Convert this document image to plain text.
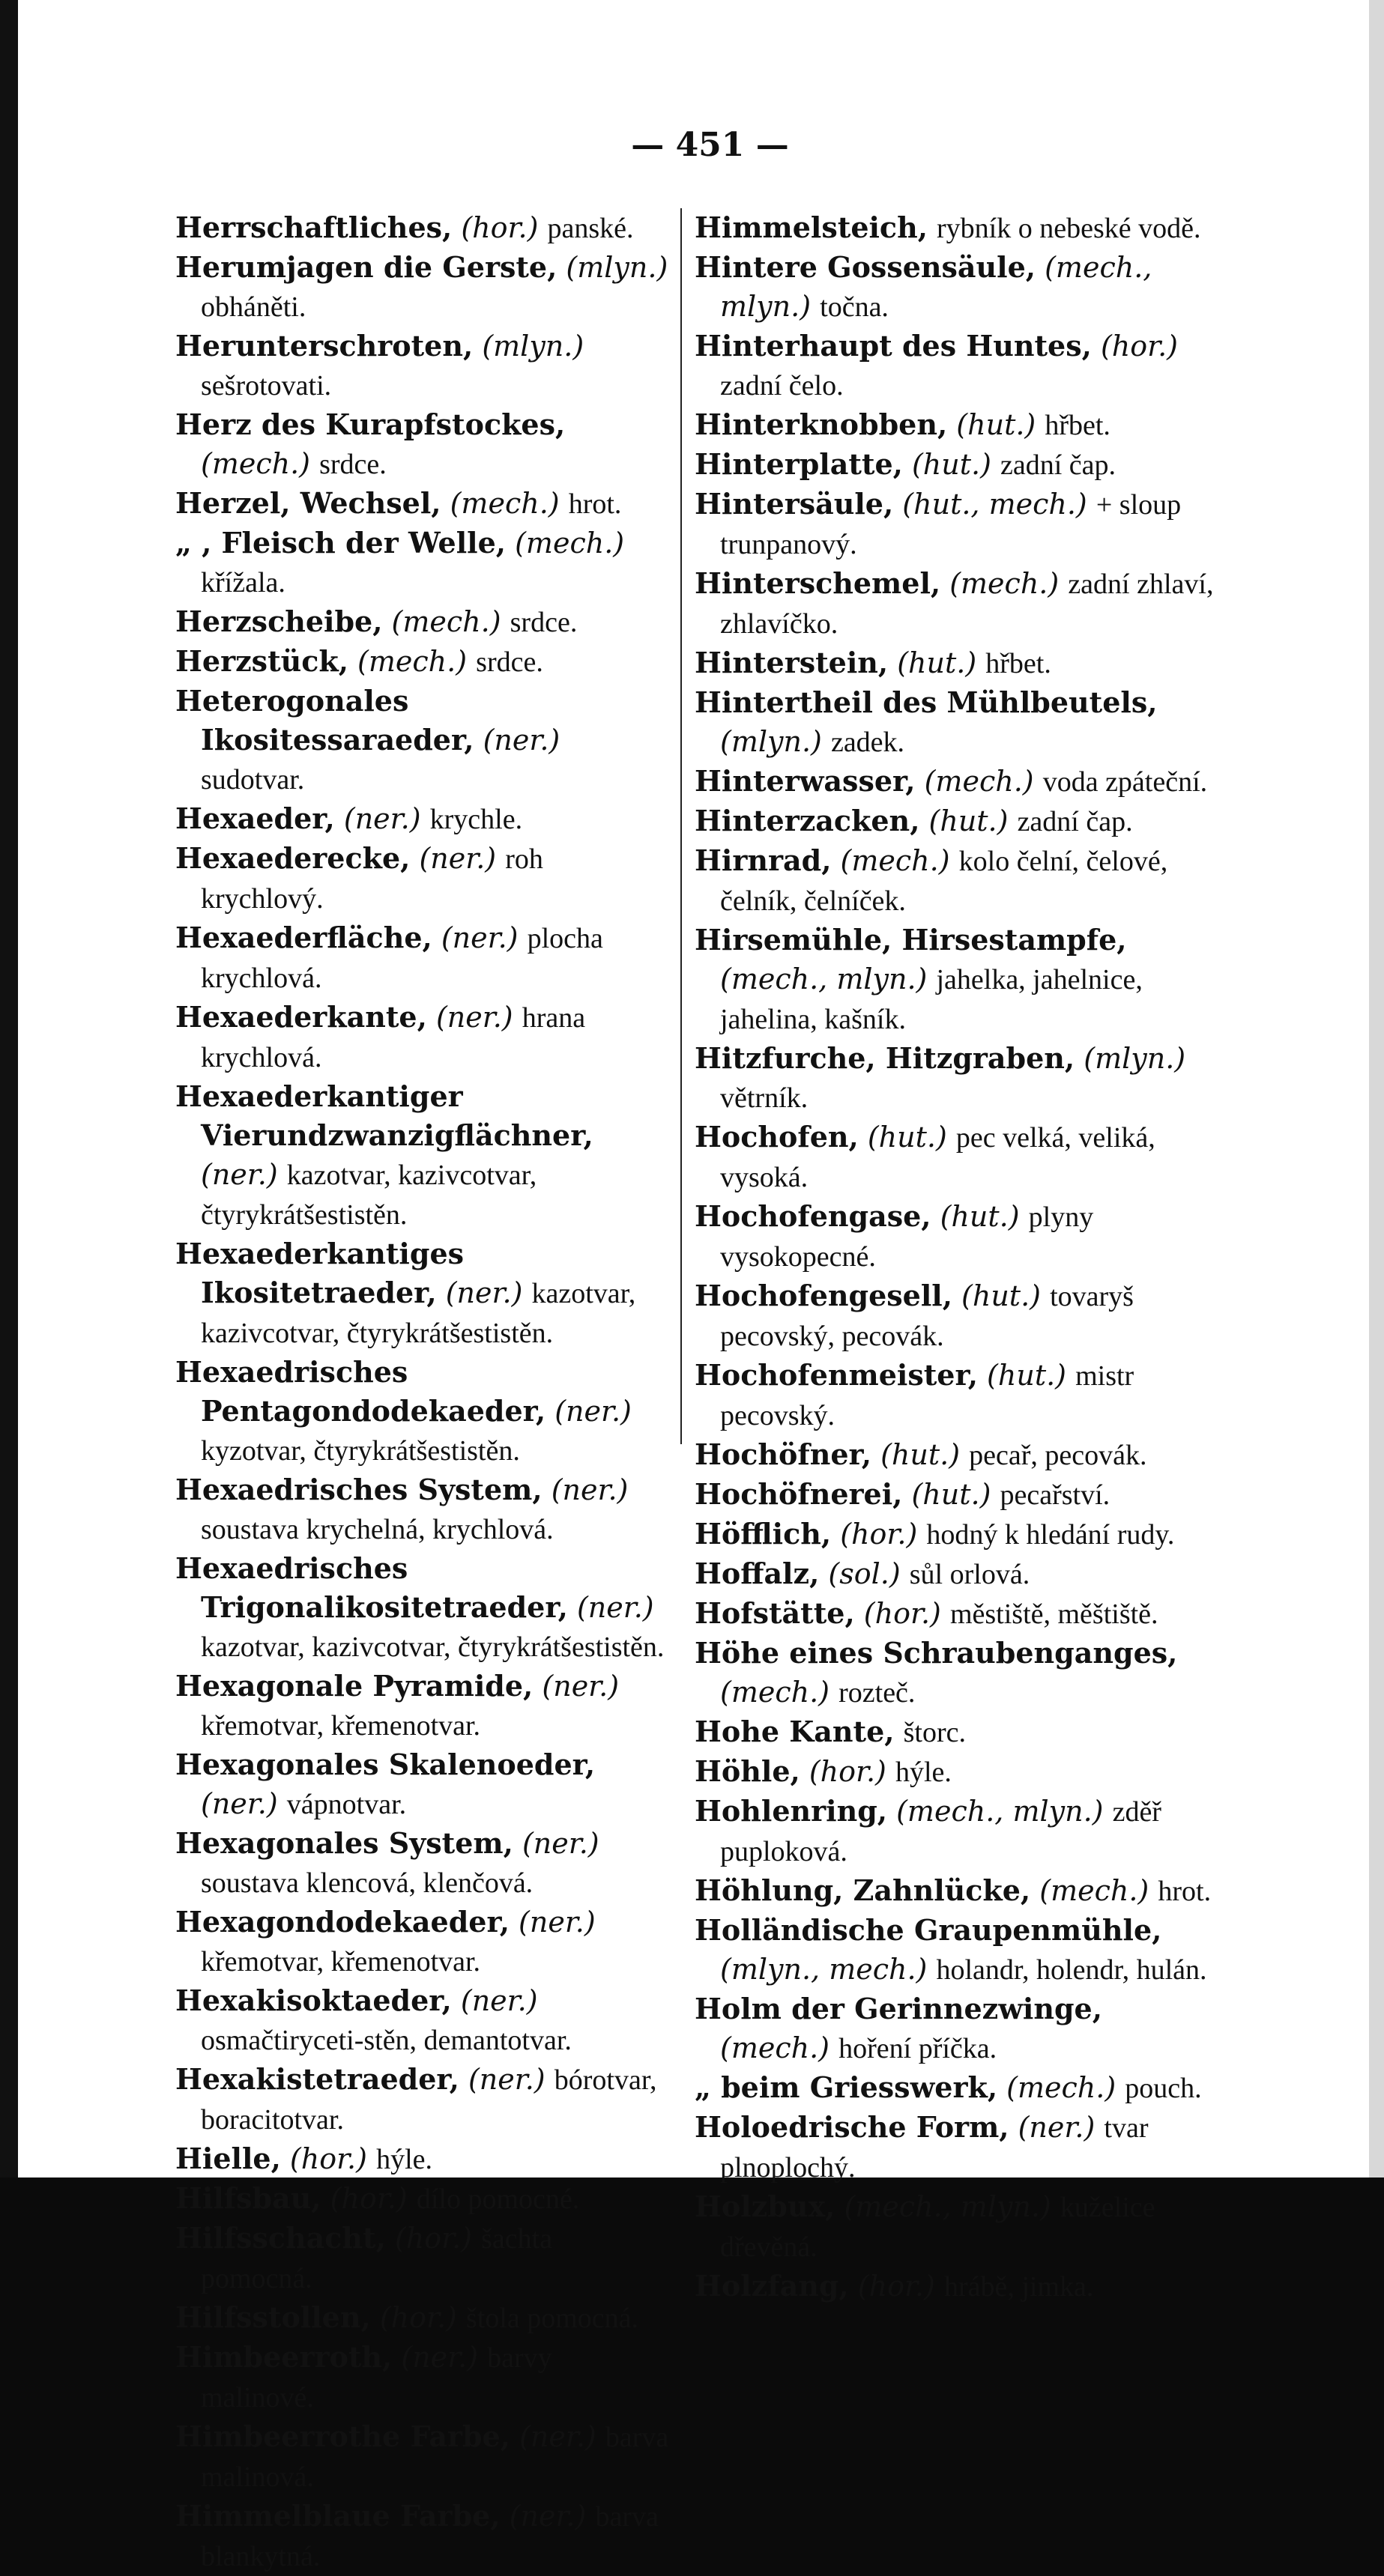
— 451 —
Herrschaftliches, (hor.) panské.
Herumjagen die Gerste, (mlyn.) obháněti.
Herunterschroten, (mlyn.) sešrotovati.
Herz des Kurapfstockes, (mech.) srdce.
Herzel, Wechsel, (mech.) hrot.
„ , Fleisch der Welle, (mech.) křížala.
Herzscheibe, (mech.) srdce.
Herzstück, (mech.) srdce.
Heterogonales Ikositessaraeder, (ner.) sudotvar.
Hexaeder, (ner.) krychle.
Hexaederecke, (ner.) roh krychlový.
Hexaederfläche, (ner.) plocha krychlová.
Hexaederkante, (ner.) hrana krychlová.
Hexaederkantiger Vierundzwanzigflächner, (ner.) kazotvar, kazivcotvar, čtyrykrátšestistěn.
Hexaederkantiges Ikositetraeder, (ner.) kazotvar, kazivcotvar, čtyrykrátšestistěn.
Hexaedrisches Pentagondodekaeder, (ner.) kyzotvar, čtyrykrátšestistěn.
Hexaedrisches System, (ner.) soustava krychelná, krychlová.
Hexaedrisches Trigonalikositetraeder, (ner.) kazotvar, kazivcotvar, čtyrykrátšestistěn.
Hexagonale Pyramide, (ner.) křemotvar, křemenotvar.
Hexagonales Skalenoeder, (ner.) vápnotvar.
Hexagonales System, (ner.) soustava klencová, klenčová.
Hexagondodekaeder, (ner.) křemotvar, křemenotvar.
Hexakisoktaeder, (ner.) osmačtiryceti-stěn, demantotvar.
Hexakistetraeder, (ner.) bórotvar, boracitotvar.
Hielle, (hor.) hýle.
Hilfsbau, (hor.) dílo pomocné.
Hilfsschacht, (hor.) šachta pomocná.
Hilfsstollen, (hor.) štola pomocná.
Himbeerroth, (ner.) barvy malinové.
Himbeerrothe Farbe, (ner.) barva malinová.
Himmelblaue Farbe, (ner.) barva blankytná.
Himmelsteich, rybník o nebeské vodě.
Hintere Gossensäule, (mech., mlyn.) točna.
Hinterhaupt des Huntes, (hor.) zadní čelo.
Hinterknobben, (hut.) hřbet.
Hinterplatte, (hut.) zadní čap.
Hintersäule, (hut., mech.) + sloup trunpanový.
Hinterschemel, (mech.) zadní zhlaví, zhlavíčko.
Hinterstein, (hut.) hřbet.
Hintertheil des Mühlbeutels, (mlyn.) zadek.
Hinterwasser, (mech.) voda zpáteční.
Hinterzacken, (hut.) zadní čap.
Hirnrad, (mech.) kolo čelní, čelové, čelník, čelníček.
Hirsemühle, Hirsestampfe, (mech., mlyn.) jahelka, jahelnice, jahelina, kašník.
Hitzfurche, Hitzgraben, (mlyn.) větrník.
Hochofen, (hut.) pec velká, veliká, vysoká.
Hochofengase, (hut.) plyny vysokopecné.
Hochofengesell, (hut.) tovaryš pecovský, pecovák.
Hochofenmeister, (hut.) mistr pecovský.
Hochöfner, (hut.) pecař, pecovák.
Hochöfnerei, (hut.) pecařství.
Höfflich, (hor.) hodný k hledání rudy.
Hoffalz, (sol.) sůl orlová.
Hofstätte, (hor.) městiště, měštiště.
Höhe eines Schraubenganges, (mech.) rozteč.
Hohe Kante, štorc.
Höhle, (hor.) hýle.
Hohlenring, (mech., mlyn.) zděř puploková.
Höhlung, Zahnlücke, (mech.) hrot.
Holländische Graupenmühle, (mlyn., mech.) holandr, holendr, hulán.
Holm der Gerinnezwinge, (mech.) hoření příčka.
„ beim Griesswerk, (mech.) pouch.
Holoedrische Form, (ner.) tvar plnoplochý.
Holzbux, (mech., mlyn.) kuželice dřevěná.
Holzfang, (hor.) hrábě, jimka.
